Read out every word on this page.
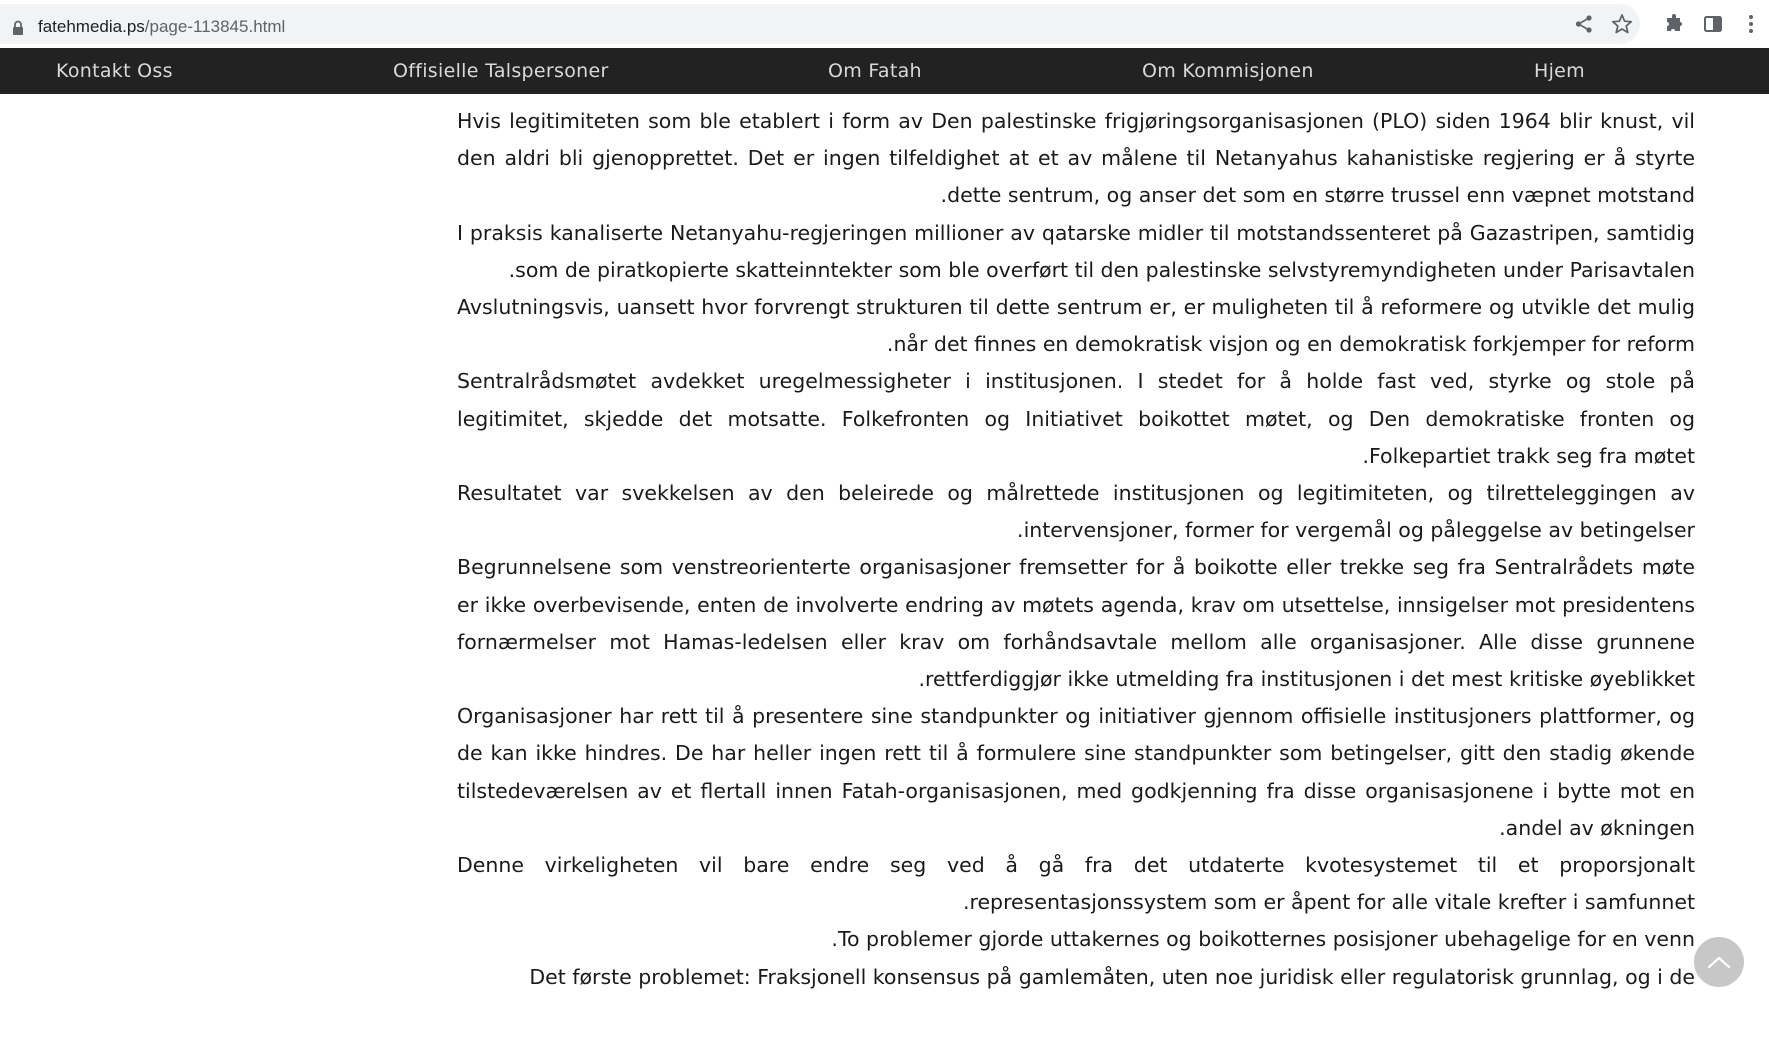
fatehmedia.ps/page-113845.html
Kontakt Oss	Offisielle Talspersoner	Om Fatah	Om Kommisjonen	Hjem

Hvis legitimiteten som ble etablert i form av Den palestinske frigjøringsorganisasjonen (PLO) siden 1964 blir knust, vil den aldri bli gjenopprettet. Det er ingen tilfeldighet at et av målene til Netanyahus kahanistiske regjering er å styrte dette sentrum, og anser det som en større trussel enn væpnet motstand.

I praksis kanaliserte Netanyahu-regjeringen millioner av qatarske midler til motstandssenteret på Gazastripen, samtidig som de piratkopierte skatteinntekter som ble overført til den palestinske selvstyremyndigheten under Parisavtalen.

Avslutningsvis, uansett hvor forvrengt strukturen til dette sentrum er, er muligheten til å reformere og utvikle det mulig når det finnes en demokratisk visjon og en demokratisk forkjemper for reform.

Sentralrådsmøtet avdekket uregelmessigheter i institusjonen. I stedet for å holde fast ved, styrke og stole på legitimitet, skjedde det motsatte. Folkefronten og Initiativet boikottet møtet, og Den demokratiske fronten og Folkepartiet trakk seg fra møtet.

Resultatet var svekkelsen av den beleirede og målrettede institusjonen og legitimiteten, og tilretteleggingen av intervensjoner, former for vergemål og påleggelse av betingelser.

Begrunnelsene som venstreorienterte organisasjoner fremsetter for å boikotte eller trekke seg fra Sentralrådets møte er ikke overbevisende, enten de involverte endring av møtets agenda, krav om utsettelse, innsigelser mot presidentens fornærmelser mot Hamas-ledelsen eller krav om forhåndsavtale mellom alle organisasjoner. Alle disse grunnene rettferdiggjør ikke utmelding fra institusjonen i det mest kritiske øyeblikket.

Organisasjoner har rett til å presentere sine standpunkter og initiativer gjennom offisielle institusjoners plattformer, og de kan ikke hindres. De har heller ingen rett til å formulere sine standpunkter som betingelser, gitt den stadig økende tilstedeværelsen av et flertall innen Fatah-organisasjonen, med godkjenning fra disse organisasjonene i bytte mot en andel av økningen.

Denne virkeligheten vil bare endre seg ved å gå fra det utdaterte kvotesystemet til et proporsjonalt representasjonssystem som er åpent for alle vitale krefter i samfunnet.

To problemer gjorde uttakernes og boikotternes posisjoner ubehagelige for en venn.

Det første problemet: Fraksjonell konsensus på gamlemåten, uten noe juridisk eller regulatorisk grunnlag, og i de
